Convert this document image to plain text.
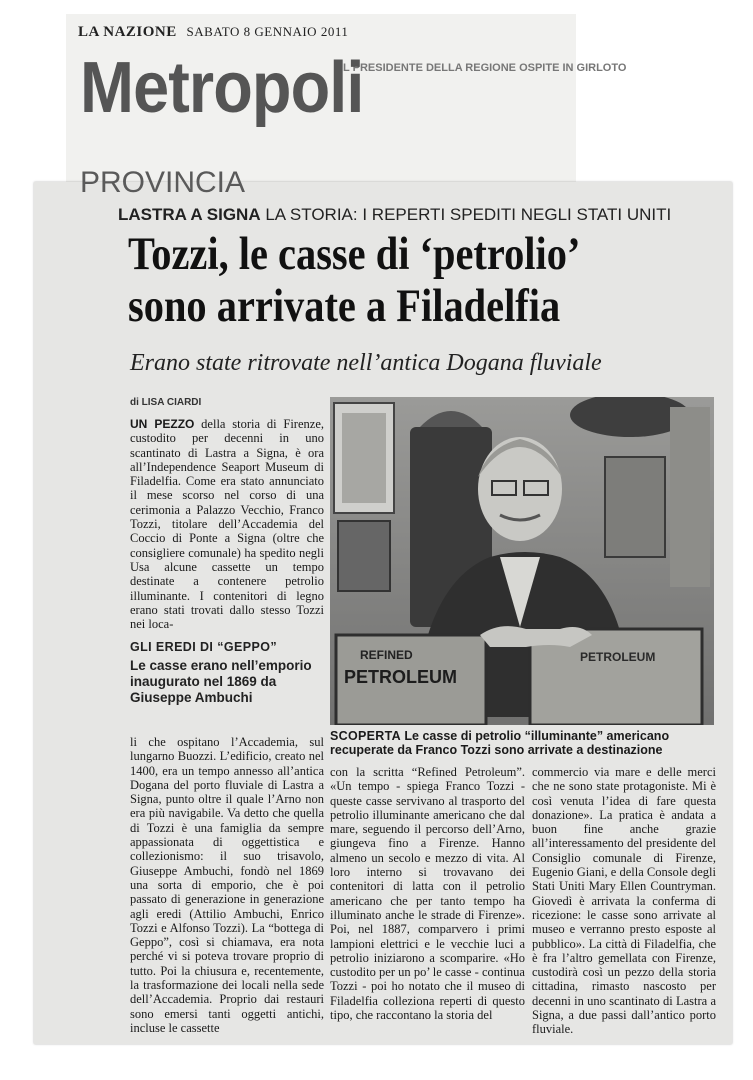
LA NAZIONE SABATO 8 GENNAIO 2011
IL PRESIDENTE DELLA REGIONE OSPITE IN GIRLOTO
Metropoli
PROVINCIA
LASTRA A SIGNA LA STORIA: I REPERTI SPEDITI NEGLI STATI UNITI
Tozzi, le casse di ‘petrolio’
sono arrivate a Filadelfia
Erano state ritrovate nell’antica Dogana fluviale
di LISA CIARDI
UN PEZZO della storia di Firenze, custodito per decenni in uno scantinato di Lastra a Signa, è ora all’Independence Seaport Museum di Filadelfia. Come era stato annunciato il mese scorso nel corso di una cerimonia a Palazzo Vecchio, Franco Tozzi, titolare dell’Accademia del Coccio di Ponte a Signa (oltre che consigliere comunale) ha spedito negli Usa alcune cassette un tempo destinate a contenere petrolio illuminante. I contenitori di legno erano stati trovati dallo stesso Tozzi nei loca-
GLI EREDI DI “GEPPO”
Le casse erano nell’emporio inaugurato nel 1869 da Giuseppe Ambuchi
li che ospitano l’Accademia, sul lungarno Buozzi. L’edificio, creato nel 1400, era un tempo annesso all’antica Dogana del porto fluviale di Lastra a Signa, punto oltre il quale l’Arno non era più navigabile. Va detto che quella di Tozzi è una famiglia da sempre appassionata di oggettistica e collezionismo: il suo trisavolo, Giuseppe Ambuchi, fondò nel 1869 una sorta di emporio, che è poi passato di generazione in generazione agli eredi (Attilio Ambuchi, Enrico Tozzi e Alfonso Tozzi). La “bottega di Geppo”, così si chiamava, era nota perché vi si poteva trovare proprio di tutto. Poi la chiusura e, recentemente, la trasformazione dei locali nella sede dell’Accademia. Proprio dai restauri sono emersi tanti oggetti antichi, incluse le cassette
REFINED
PETROLEUM
PETROLEUM
SCOPERTA Le casse di petrolio “illuminante” americano recuperate da Franco Tozzi sono arrivate a destinazione
con la scritta “Refined Petroleum”. «Un tempo - spiega Franco Tozzi - queste casse servivano al trasporto del petrolio illuminante americano che dal mare, seguendo il percorso dell’Arno, giungeva fino a Firenze. Hanno almeno un secolo e mezzo di vita. Al loro interno si trovavano dei contenitori di latta con il petrolio americano che per tanto tempo ha illuminato anche le strade di Firenze». Poi, nel 1887, comparvero i primi lampioni elettrici e le vecchie luci a petrolio iniziarono a scomparire. «Ho custodito per un po’ le casse - continua Tozzi - poi ho notato che il museo di Filadelfia colleziona reperti di questo tipo, che raccontano la storia del
commercio via mare e delle merci che ne sono state protagoniste. Mi è così venuta l’idea di fare questa donazione». La pratica è andata a buon fine anche grazie all’interessamento del presidente del Consiglio comunale di Firenze, Eugenio Giani, e della Console degli Stati Uniti Mary Ellen Countryman. Giovedì è arrivata la conferma di ricezione: le casse sono arrivate al museo e verranno presto esposte al pubblico». La città di Filadelfia, che è fra l’altro gemellata con Firenze, custodirà così un pezzo della storia cittadina, rimasto nascosto per decenni in uno scantinato di Lastra a Signa, a due passi dall’antico porto fluviale.
